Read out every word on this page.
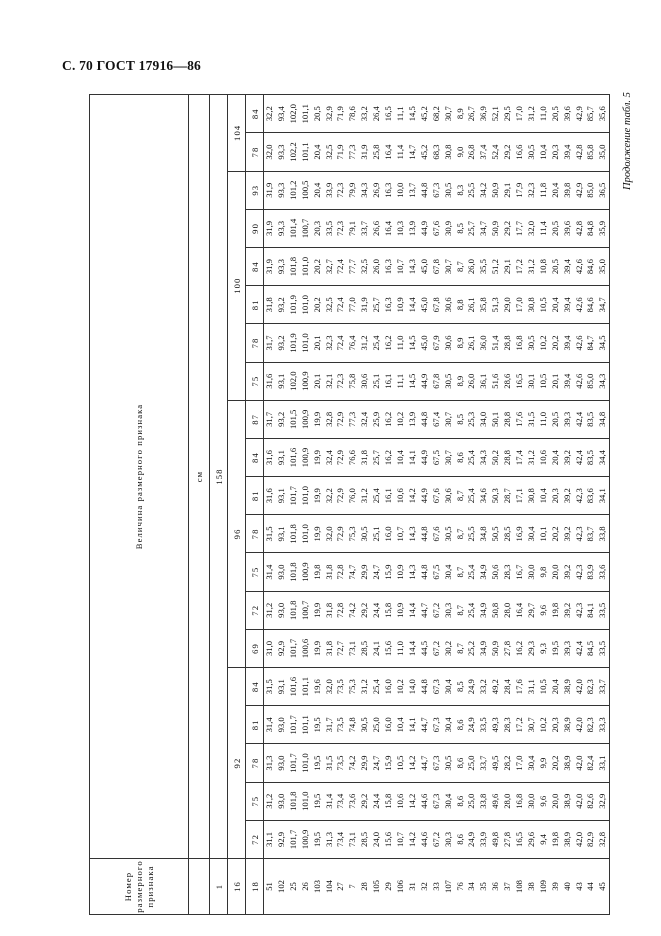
С. 70 ГОСТ 17916—86
Продолжение табл. 5
Номер размерного признака	Величина размерного признака																			
	см																			
1	158																			
16	92					96							100						104	
18	72	75	78	81	84	69	72	75	78	81	84	87	75	78	81	84	90	93	78	84
51	31,1	31,2	31,3	31,4	31,5	31,0	31,2	31,4	31,5	31,6	31,6	31,7	31,6	31,7	31,8	31,9	31,9	31,9	32,0	32,2
102	92,9	93,0	93,0	93,0	93,1	92,9	93,0	93,0	93,1	93,1	93,1	93,2	93,1	93,2	93,2	93,3	93,3	93,3	93,3	93,4
25	101,7	101,8	101,7	101,7	101,6	101,7	101,8	101,8	101,8	101,7	101,6	101,5	102,0	101,9	101,9	101,8	101,4	101,2	102,2	102,0
26	100,9	101,0	101,0	101,1	101,1	100,6	100,7	100,9	101,0	101,0	100,9	100,9	100,9	101,0	101,0	101,0	100,7	100,5	101,1	101,1
103	19,5	19,5	19,5	19,5	19,6	19,9	19,9	19,8	19,9	19,9	19,9	19,9	20,1	20,1	20,2	20,2	20,3	20,4	20,4	20,5
104	31,3	31,4	31,5	31,7	32,0	31,8	31,8	31,8	32,0	32,2	32,4	32,8	32,1	32,3	32,5	32,7	33,5	33,9	32,5	32,9
27	73,4	73,4	73,5	73,5	73,5	72,7	72,8	72,8	72,9	72,9	72,9	72,9	72,3	72,4	72,4	72,4	72,3	72,3	71,9	71,9
7	73,1	73,6	74,2	74,8	75,3	73,1	74,2	74,7	75,3	76,0	76,6	77,3	75,8	76,4	77,0	77,7	79,1	79,9	77,3	78,6
28	28,5	29,2	29,9	30,5	31,2	28,5	29,2	29,9	30,5	31,2	31,8	32,4	30,6	31,2	31,9	32,5	33,7	34,3	31,9	33,2
105	24,0	24,4	24,7	25,0	25,4	24,1	24,4	24,7	25,1	25,4	25,7	25,9	25,1	25,4	25,7	26,0	26,6	26,9	25,8	26,4
29	15,6	15,8	15,9	16,0	16,0	15,6	15,8	15,9	16,0	16,1	16,2	16,2	16,1	16,2	16,3	16,3	16,4	16,3	16,4	16,5
106	10,7	10,6	10,5	10,4	10,2	11,0	10,9	10,9	10,7	10,6	10,4	10,2	11,1	11,0	10,9	10,7	10,3	10,0	11,4	11,1
31	14,2	14,2	14,2	14,1	14,0	14,4	14,4	14,3	14,3	14,2	14,1	13,9	14,5	14,5	14,4	14,3	13,9	13,7	14,7	14,5
32	44,6	44,6	44,7	44,7	44,8	44,5	44,7	44,8	44,8	44,9	44,9	44,8	44,9	45,0	45,0	45,0	44,9	44,8	45,2	45,2
33	67,2	67,3	67,3	67,3	67,3	67,2	67,2	67,5	67,6	67,6	67,5	67,4	67,8	67,9	67,8	67,8	67,6	67,3	68,3	68,2
107	30,3	30,4	30,5	30,4	30,4	30,2	30,3	30,4	30,5	30,6	30,7	30,7	30,5	30,6	30,6	30,7	30,9	30,5	30,8	30,7
76	8,6	8,6	8,6	8,6	8,5	8,7	8,7	8,7	8,7	8,7	8,6	8,5	8,9	8,9	8,8	8,7	8,5	8,3	9,0	8,9
34	24,9	25,0	25,0	24,9	24,9	25,2	25,4	25,4	25,5	25,4	25,4	25,3	26,0	26,1	26,1	26,0	25,7	25,5	26,8	26,7
35	33,9	33,8	33,7	33,5	33,2	34,9	34,9	34,9	34,8	34,6	34,3	34,0	36,1	36,0	35,8	35,5	34,7	34,2	37,4	36,9
36	49,8	49,6	49,5	49,3	49,2	50,9	50,8	50,6	50,5	50,3	50,2	50,1	51,6	51,4	51,3	51,2	50,9	50,9	52,4	52,1
37	27,8	28,0	28,2	28,3	28,4	27,8	28,0	28,3	28,5	28,7	28,8	28,8	28,6	28,8	29,0	29,1	29,2	29,1	29,2	29,5
108	16,5	16,8	17,0	17,2	17,6	16,2	16,4	16,7	16,9	17,1	17,4	17,6	16,5	16,8	17,0	17,2	17,7	17,9	16,6	17,0
38	29,6	30,0	30,4	30,7	31,1	29,3	29,7	30,0	30,4	30,8	31,2	31,5	30,1	30,5	30,8	31,2	32,0	32,3	30,5	31,2
109	9,4	9,6	9,9	10,2	10,5	9,3	9,6	9,8	10,1	10,4	10,6	11,0	10,5	10,2	10,5	10,8	11,4	11,8	10,4	11,0
39	19,8	20,0	20,2	20,3	20,4	19,5	19,8	20,0	20,2	20,3	20,4	20,5	20,1	20,2	20,4	20,5	20,5	20,4	20,3	20,5
40	38,9	38,9	38,9	38,9	38,9	39,3	39,2	39,2	39,2	39,2	39,2	39,3	39,4	39,4	39,4	39,4	39,6	39,8	39,4	39,6
43	42,0	42,0	42,0	42,0	42,0	42,4	42,3	42,3	42,3	42,3	42,4	42,4	42,6	42,6	42,6	42,6	42,8	42,9	42,8	42,9
44	82,9	82,6	82,4	82,3	82,3	84,5	84,1	83,9	83,7	83,6	83,5	83,5	85,0	84,7	84,6	84,6	84,8	85,0	85,8	85,7
45	32,8	32,9	33,1	33,3	33,7	33,5	33,5	33,6	33,8	34,1	34,4	34,8	34,3	34,5	34,7	35,0	35,9	36,5	35,0	35,6
